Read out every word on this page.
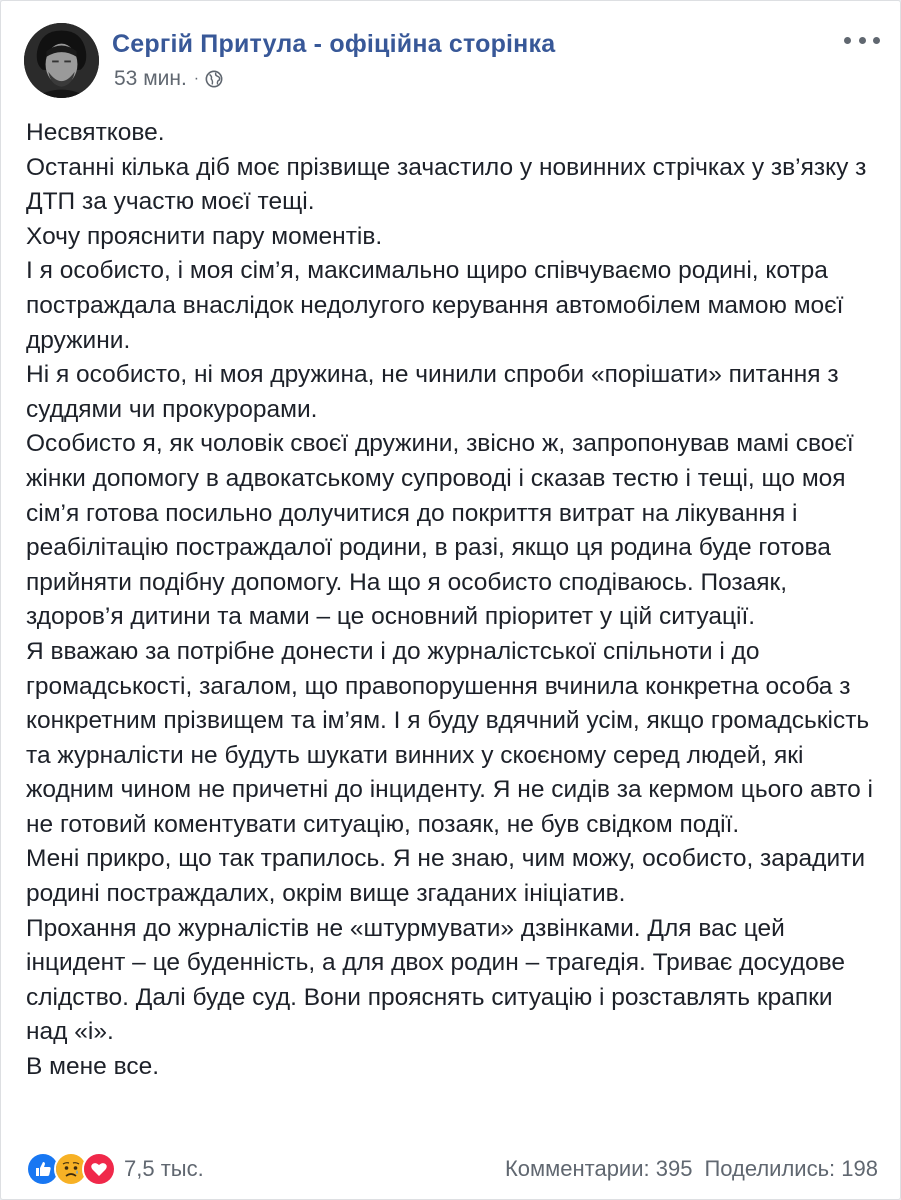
Сергій Притула - офіційна сторінка
53 мин. ·

Несвяткове.

Останні кілька діб моє прізвище зачастило у новинних стрічках у зв’язку з ДТП за участю моєї тещі.

Хочу прояснити пару моментів.

І я особисто, і моя сім’я, максимально щиро співчуваємо родині, котра постраждала внаслідок недолугого керування автомобілем мамою моєї дружини.

Ні я особисто, ні моя дружина, не чинили спроби «порішати» питання з суддями чи прокурорами.

Особисто я, як чоловік своєї дружини, звісно ж, запропонував мамі своєї жінки допомогу в адвокатському супроводі і сказав тестю і тещі, що моя сім’я готова посильно долучитися до покриття витрат на лікування і реабілітацію постраждалої родини, в разі, якщо ця родина буде готова прийняти подібну допомогу. На що я особисто сподіваюсь. Позаяк, здоров’я дитини та мами – це основний пріоритет у цій ситуації.

Я вважаю за потрібне донести і до журналістської спільноти і до громадськості, загалом, що правопорушення вчинила конкретна особа з конкретним прізвищем та ім’ям. І я буду вдячний усім, якщо громадськість та журналісти не будуть шукати винних у скоєному серед людей, які жодним чином не причетні до інциденту. Я не сидів за кермом цього авто і не готовий коментувати ситуацію, позаяк, не був свідком події.

Мені прикро, що так трапилось. Я не знаю, чим можу, особисто, зарадити родині постраждалих, окрім вище згаданих ініціатив.

Прохання до журналістів не «штурмувати» дзвінками. Для вас цей інцидент – це буденність, а для двох родин – трагедія. Триває досудове слідство. Далі буде суд. Вони прояснять ситуацію і розставлять крапки над «і».

В мене все.

7,5 тыс.	Комментарии: 395 Поделились: 198
